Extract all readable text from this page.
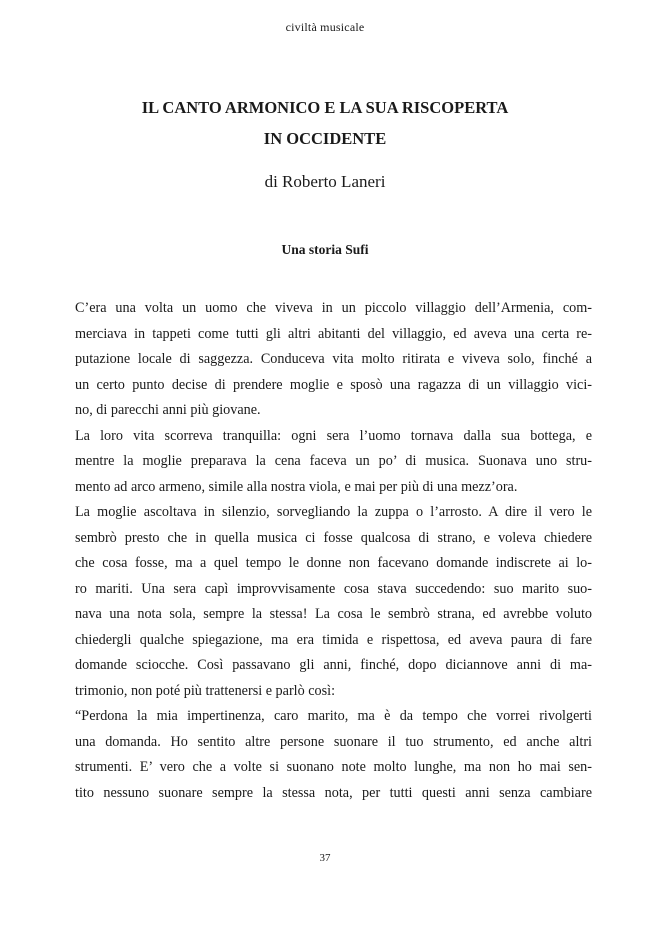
civiltà musicale
IL CANTO ARMONICO E LA SUA RISCOPERTA
IN OCCIDENTE
di Roberto Laneri
Una storia Sufi
C’era una volta un uomo che viveva in un piccolo villaggio dell’Armenia, com-
merciava in tappeti come tutti gli altri abitanti del villaggio, ed aveva una certa re-
putazione locale di saggezza. Conduceva vita molto ritirata e viveva solo, finché a
un certo punto decise di prendere moglie e sposò una ragazza di un villaggio vici-
no, di parecchi anni più giovane.
La loro vita scorreva tranquilla: ogni sera l’uomo tornava dalla sua bottega, e
mentre la moglie preparava la cena faceva un po’ di musica. Suonava uno stru-
mento ad arco armeno, simile alla nostra viola, e mai per più di una mezz’ora.
La moglie ascoltava in silenzio, sorvegliando la zuppa o l’arrosto. A dire il vero le
sembrò presto che in quella musica ci fosse qualcosa di strano, e voleva chiedere
che cosa fosse, ma a quel tempo le donne non facevano domande indiscrete ai lo-
ro mariti. Una sera capì improvvisamente cosa stava succedendo: suo marito suo-
nava una nota sola, sempre la stessa! La cosa le sembrò strana, ed avrebbe voluto
chiedergli qualche spiegazione, ma era timida e rispettosa, ed aveva paura di fare
domande sciocche. Così passavano gli anni, finché, dopo diciannove anni di ma-
trimonio, non poté più trattenersi e parlò così:
“Perdona la mia impertinenza, caro marito, ma è da tempo che vorrei rivolgerti
una domanda. Ho sentito altre persone suonare il tuo strumento, ed anche altri
strumenti. E’ vero che a volte si suonano note molto lunghe, ma non ho mai sen-
tito nessuno suonare sempre la stessa nota, per tutti questi anni senza cambiare
37
